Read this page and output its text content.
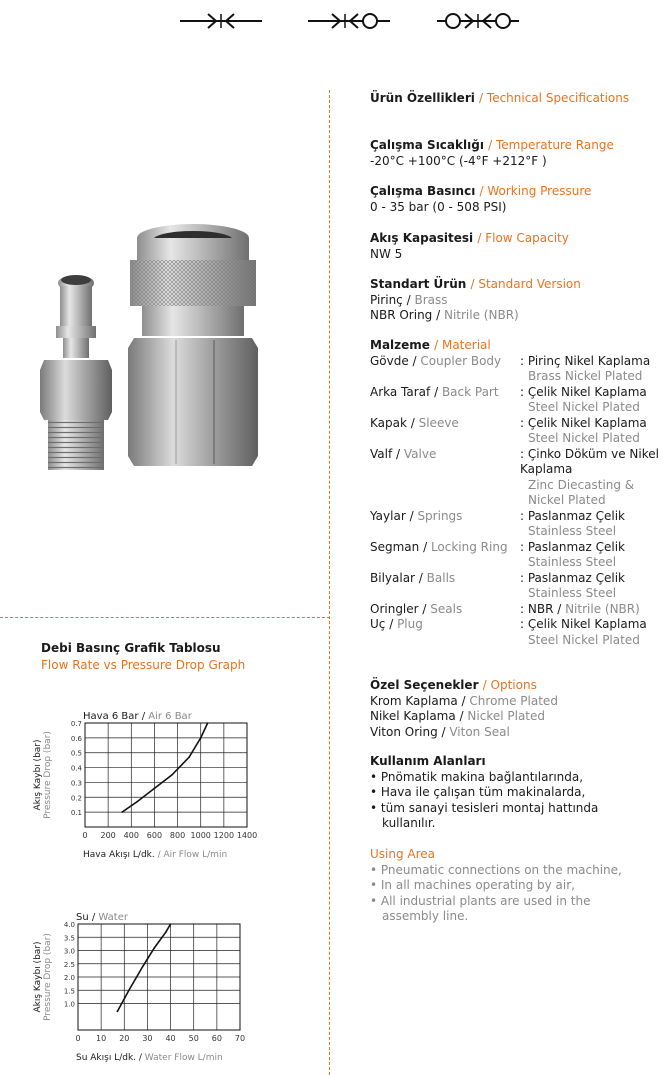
Ürün Özellikleri / Technical Specifications
Çalışma Sıcaklığı / Temperature Range
-20°C +100°C (-4°F +212°F )
Çalışma Basıncı / Working Pressure
0 - 35 bar (0 - 508 PSI)
Akış Kapasitesi / Flow Capacity
NW 5
Standart Ürün / Standard Version
Pirinç / Brass
NBR Oring / Nitrile (NBR)
Malzeme / Material
Gövde / Coupler Body	: Pirinç Nikel Kaplama
Brass Nickel Plated
Arka Taraf / Back Part	: Çelik Nikel Kaplama
Steel Nickel Plated
Kapak / Sleeve	: Çelik Nikel Kaplama
Steel Nickel Plated
Valf / Valve	: Çinko Döküm ve Nikel Kaplama
Zinc Diecasting & Nickel Plated
Yaylar / Springs	: Paslanmaz Çelik
Stainless Steel
Segman / Locking Ring	: Paslanmaz Çelik
Stainless Steel
Bilyalar / Balls	: Paslanmaz Çelik
Stainless Steel
Oringler / Seals	: NBR / Nitrile (NBR)
Uç / Plug	: Çelik Nikel Kaplama
Steel Nickel Plated
Özel Seçenekler / Options
Krom Kaplama / Chrome Plated
Nikel Kaplama / Nickel Plated
Viton Oring / Viton Seal
Kullanım Alanları
• Pnömatik makina bağlantılarında,
• Hava ile çalışan tüm makinalarda,
• tüm sanayi tesisleri montaj hattında kullanılır.
Using Area
• Pneumatic connections on the machine,
• In all machines operating by air,
• All industrial plants are used in the assembly line.
Debi Basınç Grafik Tablosu
Flow Rate vs Pressure Drop Graph
Hava 6 Bar / Air 6 Bar
0 200 400 600 800 1000 1200 1400
0.1
0.2
0.3
0.4
0.5
0.6
0.7
Akış Kaybı (bar)Pressure Drop (bar)
Hava Akışı L/dk. / Air Flow L/min
Su / Water
0 10 20 30 40 50 60 70
1.0
1.5
2.0
2.5
3.0
3.5
4.0
Akış Kaybı (bar)Pressure Drop (bar)
Su Akışı L/dk. / Water Flow L/min
